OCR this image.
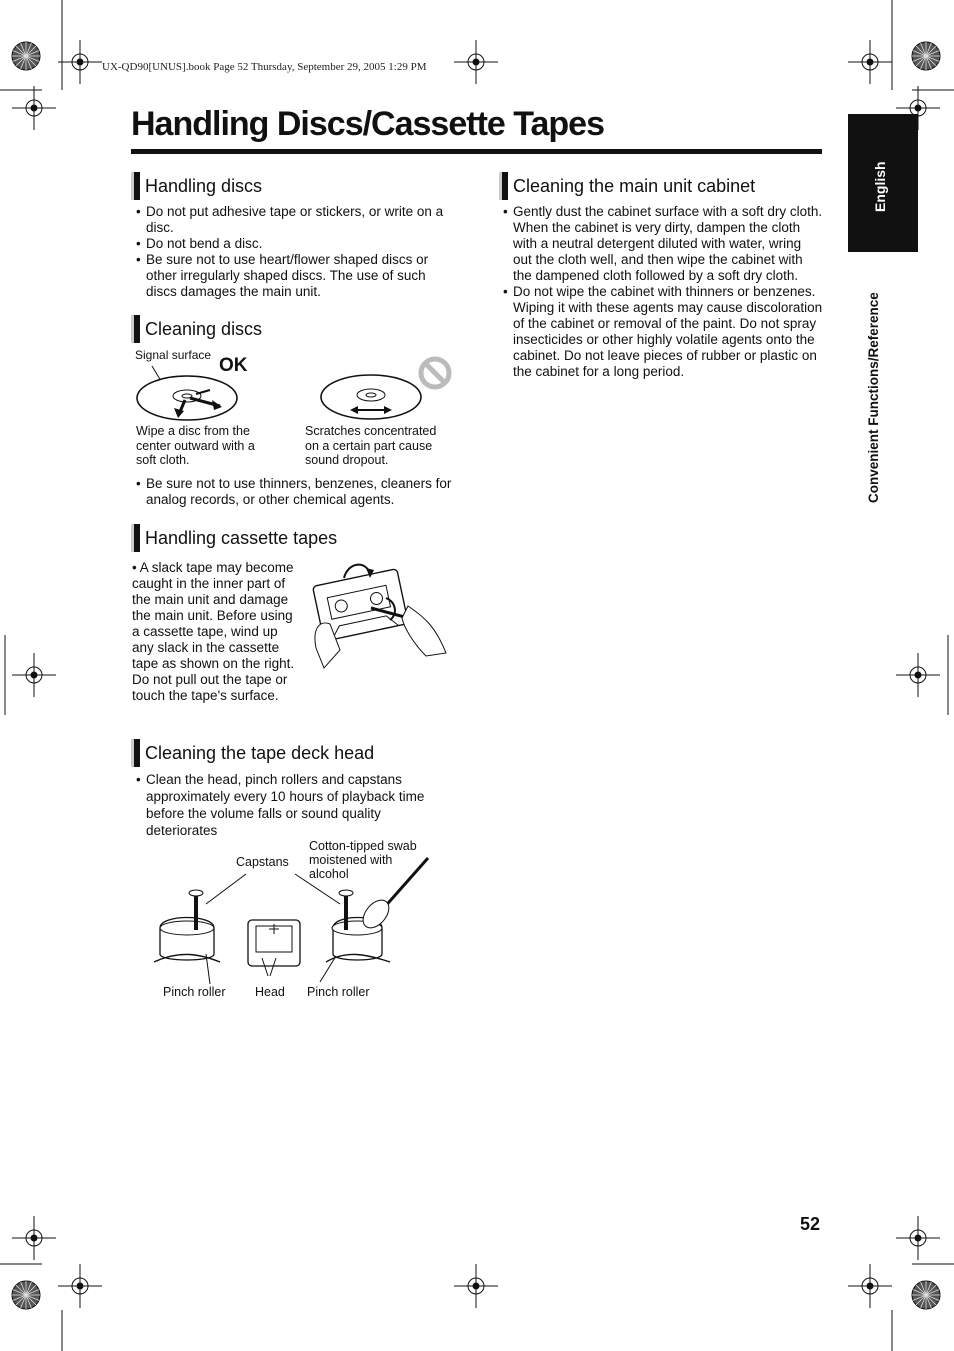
UX-QD90[UNUS].book Page 52 Thursday, September 29, 2005 1:29 PM
Handling Discs/Cassette Tapes
English
Convenient Functions/Reference
Handling discs
• Do not put adhesive tape or stickers, or write on a disc.
• Do not bend a disc.
• Be sure not to use heart/flower shaped discs or other irregularly shaped discs. The use of such discs damages the main unit.
Cleaning discs
Signal surface OK
Wipe a disc from the center outward with a soft cloth.
Scratches concentrated on a certain part cause sound dropout.
• Be sure not to use thinners, benzenes, cleaners for analog records, or other chemical agents.
Handling cassette tapes
• A slack tape may become caught in the inner part of the main unit and damage the main unit. Before using a cassette tape, wind up any slack in the cassette tape as shown on the right. Do not pull out the tape or touch the tape's surface.
Cleaning the tape deck head
• Clean the head, pinch rollers and capstans approximately every 10 hours of playback time before the volume falls or sound quality deteriorates
Capstans
Cotton-tipped swab moistened with alcohol
Pinch roller Head Pinch roller
Cleaning the main unit cabinet
• Gently dust the cabinet surface with a soft dry cloth. When the cabinet is very dirty, dampen the cloth with a neutral detergent diluted with water, wring out the cloth well, and then wipe the cabinet with the dampened cloth followed by a soft dry cloth.
• Do not wipe the cabinet with thinners or benzenes. Wiping it with these agents may cause discoloration of the cabinet or removal of the paint. Do not spray insecticides or other highly volatile agents onto the cabinet. Do not leave pieces of rubber or plastic on the cabinet for a long period.
52
